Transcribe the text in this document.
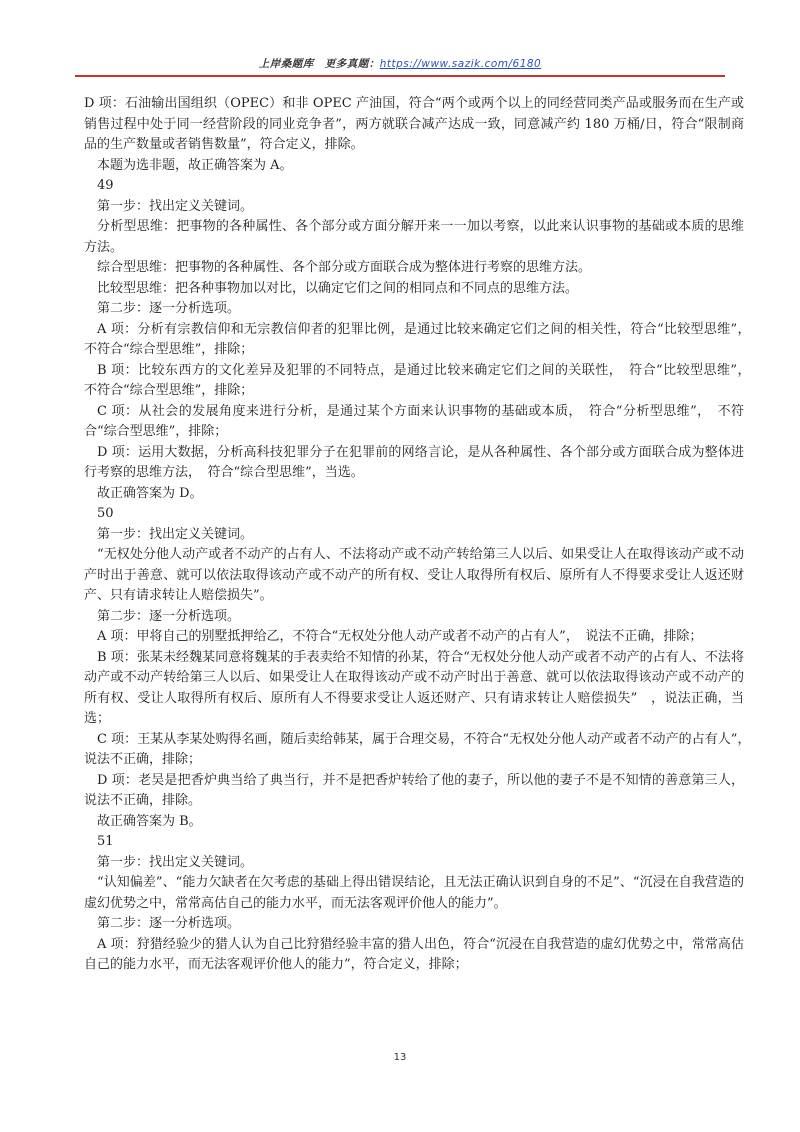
上岸桑题库　更多真题：https://www.sazik.com/6180

D 项：石油输出国组织（OPEC）和非 OPEC 产油国，符合“两个或两个以上的同经营同类产品或服务而在生产或销售过程中处于同一经营阶段的同业竞争者”，两方就联合减产达成一致，同意减产约 180 万桶/日，符合“限制商品的生产数量或者销售数量”，符合定义，排除。

本题为选非题，故正确答案为 A。

49

第一步：找出定义关键词。

分析型思维：把事物的各种属性、各个部分或方面分解开来一一加以考察，以此来认识事物的基础或本质的思维方法。

综合型思维：把事物的各种属性、各个部分或方面联合成为整体进行考察的思维方法。

比较型思维：把各种事物加以对比，以确定它们之间的相同点和不同点的思维方法。

第二步：逐一分析选项。

A 项：分析有宗教信仰和无宗教信仰者的犯罪比例，是通过比较来确定它们之间的相关性，符合“比较型思维”，　不符合“综合型思维”，排除；

B 项：比较东西方的文化差异及犯罪的不同特点，是通过比较来确定它们之间的关联性，　符合“比较型思维”，　不符合“综合型思维”，排除；

C 项：从社会的发展角度来进行分析，是通过某个方面来认识事物的基础或本质，　符合“分析型思维”，　不符合“综合型思维”，排除；

D 项：运用大数据，分析高科技犯罪分子在犯罪前的网络言论，是从各种属性、各个部分或方面联合成为整体进行考察的思维方法，　符合“综合型思维”，当选。

故正确答案为 D。

50

第一步：找出定义关键词。

“无权处分他人动产或者不动产的占有人、不法将动产或不动产转给第三人以后、如果受让人在取得该动产或不动产时出于善意、就可以依法取得该动产或不动产的所有权、受让人取得所有权后、原所有人不得要求受让人返还财产、只有请求转让人赔偿损失”。

第二步：逐一分析选项。

A 项：甲将自己的别墅抵押给乙，不符合“无权处分他人动产或者不动产的占有人”，　说法不正确，排除；

B 项：张某未经魏某同意将魏某的手表卖给不知情的孙某，符合“无权处分他人动产或者不动产的占有人、不法将动产或不动产转给第三人以后、如果受让人在取得该动产或不动产时出于善意、就可以依法取得该动产或不动产的所有权、受让人取得所有权后、原所有人不得要求受让人返还财产、只有请求转让人赔偿损失”　，说法正确，当选；

C 项：王某从李某处购得名画，随后卖给韩某，属于合理交易，不符合“无权处分他人动产或者不动产的占有人”，　说法不正确，排除；

D 项：老吴是把香炉典当给了典当行，并不是把香炉转给了他的妻子，所以他的妻子不是不知情的善意第三人，说法不正确，排除。

故正确答案为 B。

51

第一步：找出定义关键词。

“认知偏差”、“能力欠缺者在欠考虑的基础上得出错误结论，且无法正确认识到自身的不足”、“沉浸在自我营造的虚幻优势之中，常常高估自己的能力水平，而无法客观评价他人的能力”。

第二步：逐一分析选项。

A 项：狩猎经验少的猎人认为自己比狩猎经验丰富的猎人出色，符合“沉浸在自我营造的虚幻优势之中，常常高估自己的能力水平，而无法客观评价他人的能力”，符合定义，排除；

13
